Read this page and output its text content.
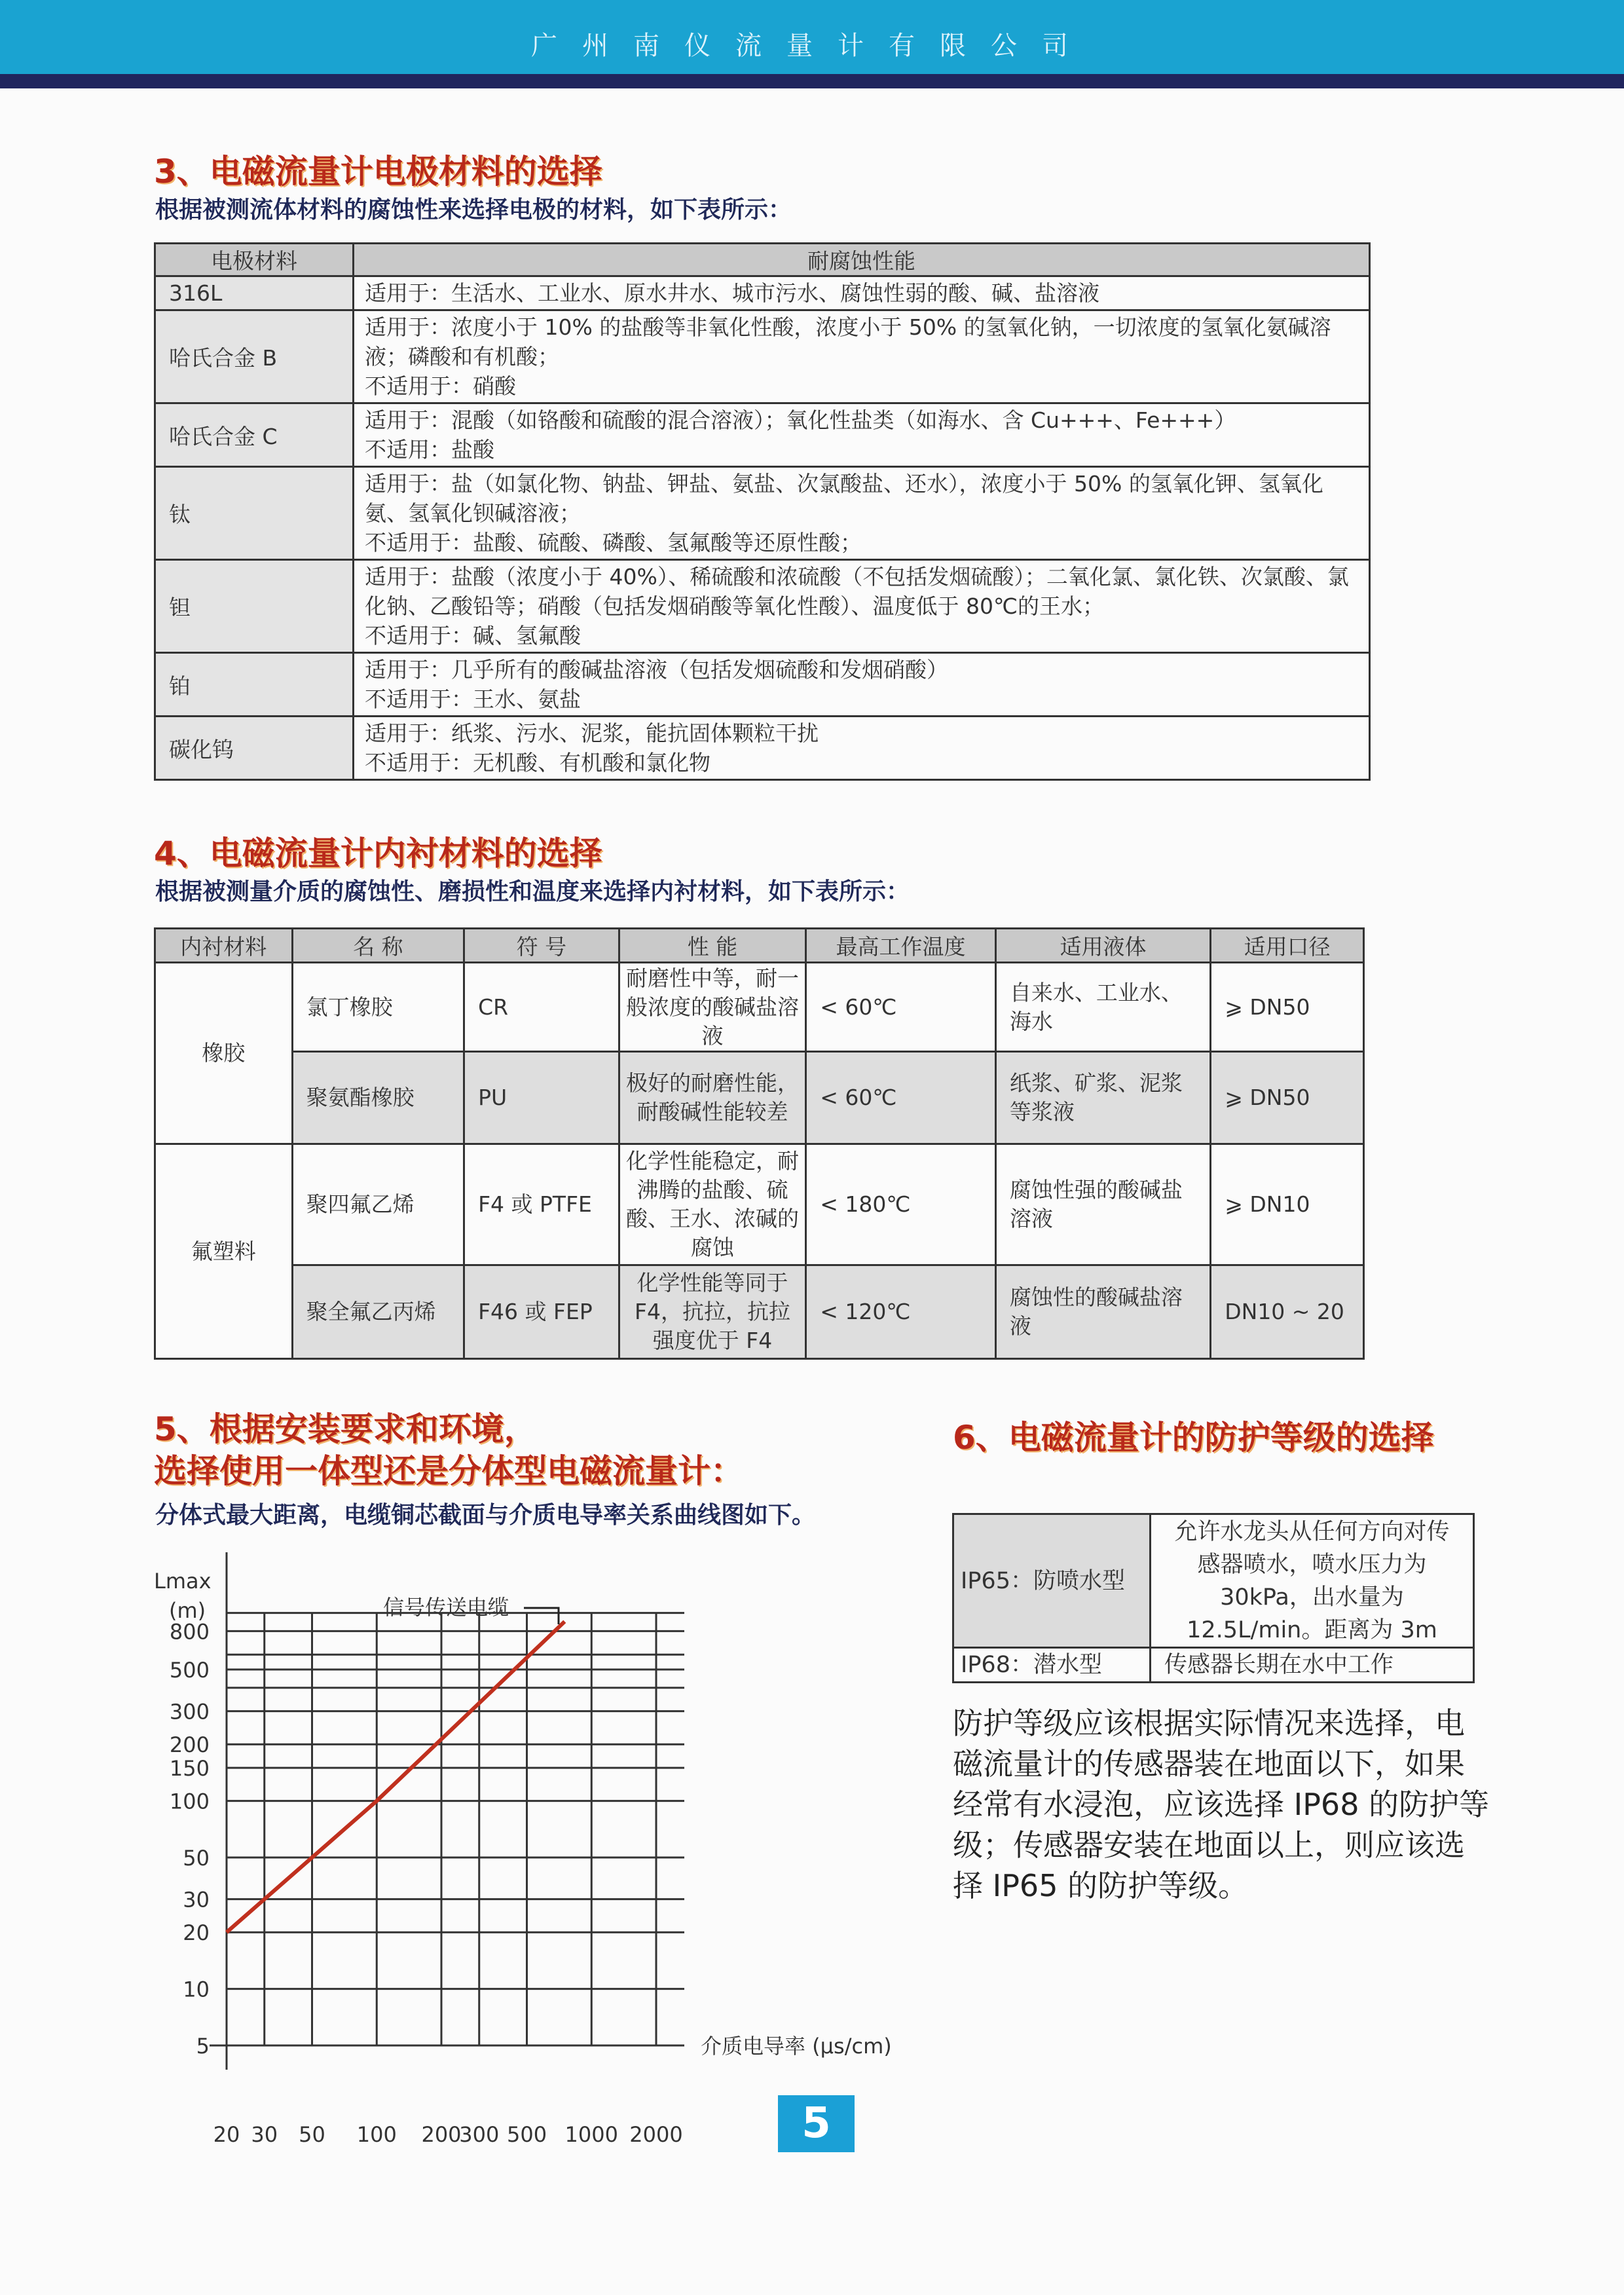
广州南仪流量计有限公司
3、电磁流量计电极材料的选择
根据被测流体材料的腐蚀性来选择电极的材料，如下表所示：
电极材料	耐腐蚀性能
316L	适用于：生活水、工业水、原水井水、城市污水、腐蚀性弱的酸、碱、盐溶液

哈氏合金 B	适用于：浓度小于 10% 的盐酸等非氧化性酸，浓度小于 50% 的氢氧化钠，一切浓度的氢氧化氨碱溶液；磷酸和有机酸；
不适用于：硝酸

哈氏合金 C	适用于：混酸（如铬酸和硫酸的混合溶液）；氧化性盐类（如海水、含 Cu+++、Fe+++）
不适用：盐酸

钛	适用于：盐（如氯化物、钠盐、钾盐、氨盐、次氯酸盐、还水），浓度小于 50% 的氢氧化钾、氢氧化氨、氢氧化钡碱溶液；
不适用于：盐酸、硫酸、磷酸、氢氟酸等还原性酸；

钽	适用于：盐酸（浓度小于 40%）、稀硫酸和浓硫酸（不包括发烟硫酸）；二氧化氯、氯化铁、次氯酸、氯化钠、乙酸铅等；硝酸（包括发烟硝酸等氧化性酸）、温度低于 80℃的王水；
不适用于：碱、氢氟酸

铂	适用于：几乎所有的酸碱盐溶液（包括发烟硫酸和发烟硝酸）
不适用于：王水、氨盐

碳化钨	适用于：纸浆、污水、泥浆，能抗固体颗粒干扰
不适用于：无机酸、有机酸和氯化物
4、电磁流量计内衬材料的选择
根据被测量介质的腐蚀性、磨损性和温度来选择内衬材料，如下表所示：
内衬材料	名 称	符 号	性 能	最高工作温度	适用液体	适用口径
橡胶	氯丁橡胶	CR	耐磨性中等，耐一般浓度的酸碱盐溶液	< 60℃	自来水、工业水、海水	⩾ DN50
	聚氨酯橡胶	PU	极好的耐磨性能，耐酸碱性能较差	< 60℃	纸浆、矿浆、泥浆等浆液	⩾ DN50
氟塑料	聚四氟乙烯	F4 或 PTFE	化学性能稳定，耐沸腾的盐酸、硫酸、王水、浓碱的腐蚀	< 180℃	腐蚀性强的酸碱盐溶液	⩾ DN10
	聚全氟乙丙烯	F46 或 FEP	化学性能等同于F4，抗拉，抗拉强度优于 F4	< 120℃	腐蚀性的酸碱盐溶液	DN10 ~ 20
5、根据安装要求和环境，
选择使用一体型还是分体型电磁流量计：
分体式最大距离，电缆铜芯截面与介质电导率关系曲线图如下。
5
10
20
30
50
100
150
200
300
500
800
20 30 50 100 200
300 500 1000 2000
Lmax
(m)
介质电导率 (μs/cm)
信号传送电缆
5
6、电磁流量计的防护等级的选择
IP65：防喷水型	允许水龙头从任何方向对传感器喷水，喷水压力为30kPa，出水量为 12.5L/min。距离为 3m
IP68：潜水型	传感器长期在水中工作
防护等级应该根据实际情况来选择，电磁流量计的传感器装在地面以下，如果经常有水浸泡，应该选择 IP68 的防护等级；传感器安装在地面以上，则应该选择 IP65 的防护等级。
